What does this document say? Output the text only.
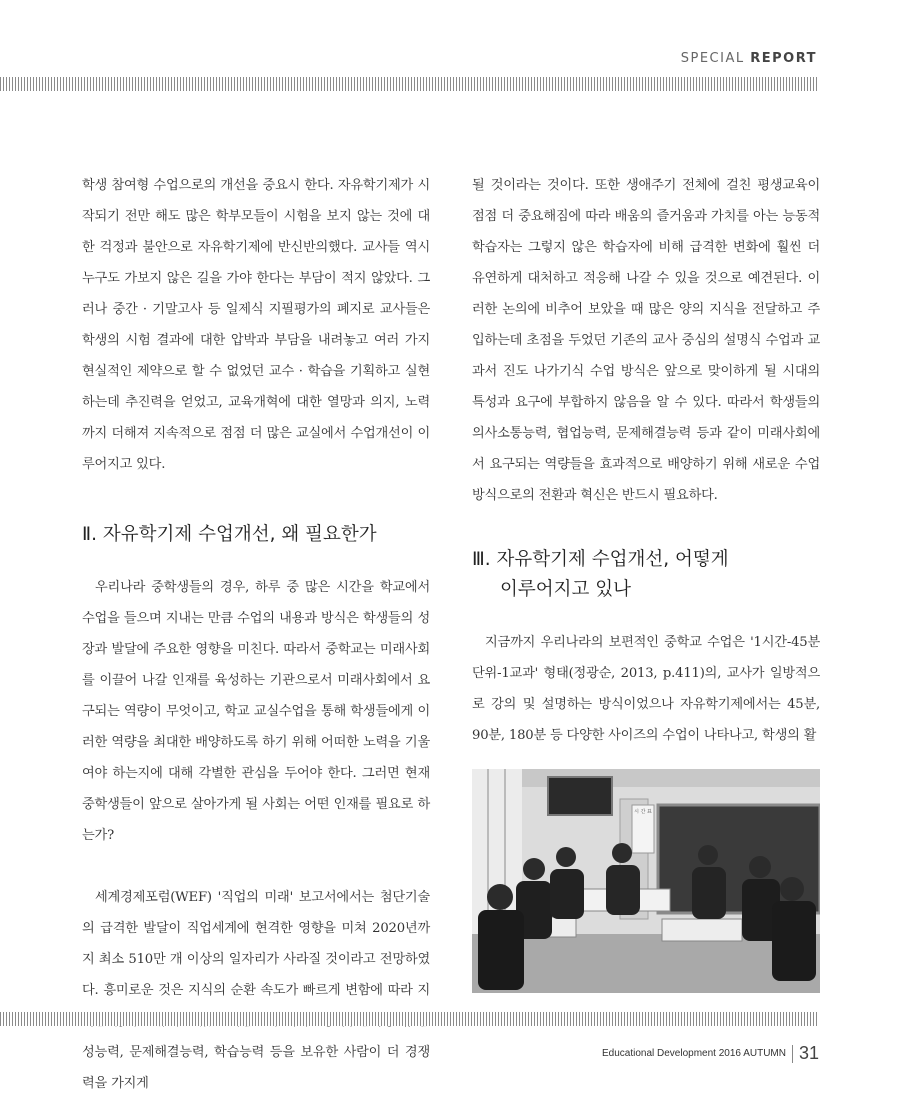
SPECIAL REPORT

학생 참여형 수업으로의 개선을 중요시 한다. 자유학기제가 시작되기 전만 해도 많은 학부모들이 시험을 보지 않는 것에 대한 걱정과 불안으로 자유학기제에 반신반의했다. 교사들 역시 누구도 가보지 않은 길을 가야 한다는 부담이 적지 않았다. 그러나 중간 · 기말고사 등 일제식 지필평가의 폐지로 교사들은 학생의 시험 결과에 대한 압박과 부담을 내려놓고 여러 가지 현실적인 제약으로 할 수 없었던 교수 · 학습을 기획하고 실현하는데 추진력을 얻었고, 교육개혁에 대한 열망과 의지, 노력까지 더해져 지속적으로 점점 더 많은 교실에서 수업개선이 이루어지고 있다.

Ⅱ. 자유학기제 수업개선, 왜 필요한가

우리나라 중학생들의 경우, 하루 중 많은 시간을 학교에서 수업을 들으며 지내는 만큼 수업의 내용과 방식은 학생들의 성장과 발달에 주요한 영향을 미친다. 따라서 중학교는 미래사회를 이끌어 나갈 인재를 육성하는 기관으로서 미래사회에서 요구되는 역량이 무엇이고, 학교 교실수업을 통해 학생들에게 이러한 역량을 최대한 배양하도록 하기 위해 어떠한 노력을 기울여야 하는지에 대해 각별한 관심을 두어야 한다. 그러면 현재 중학생들이 앞으로 살아가게 될 사회는 어떤 인재를 필요로 하는가?

세계경제포럼(WEF) '직업의 미래' 보고서에서는 첨단기술의 급격한 발달이 직업세계에 현격한 영향을 미쳐 2020년까지 최소 510만 개 이상의 일자리가 사라질 것이라고 전망하였다. 흥미로운 것은 지식의 순환 속도가 빠르게 변함에 따라 지 성능력, 문제해결능력, 학습능력 등을 보유한 사람이 더 경쟁력을 가지게

될 것이라는 것이다. 또한 생애주기 전체에 걸친 평생교육이 점점 더 중요해짐에 따라 배움의 즐거움과 가치를 아는 능동적 학습자는 그렇지 않은 학습자에 비해 급격한 변화에 훨씬 더 유연하게 대처하고 적응해 나갈 수 있을 것으로 예견된다. 이러한 논의에 비추어 보았을 때 많은 양의 지식을 전달하고 주입하는데 초점을 두었던 기존의 교사 중심의 설명식 수업과 교과서 진도 나가기식 수업 방식은 앞으로 맞이하게 될 시대의 특성과 요구에 부합하지 않음을 알 수 있다. 따라서 학생들의 의사소통능력, 협업능력, 문제해결능력 등과 같이 미래사회에서 요구되는 역량들을 효과적으로 배양하기 위해 새로운 수업방식으로의 전환과 혁신은 반드시 필요하다.

Ⅲ. 자유학기제 수업개선, 어떻게
이루어지고 있나

지금까지 우리나라의 보편적인 중학교 수업은 '1시간-45분 단위-1교과' 형태(정광순, 2013, p.411)의, 교사가 일방적으로 강의 및 설명하는 방식이었으나 자유학기제에서는 45분, 90분, 180분 등 다양한 사이즈의 수업이 나타나고, 학생의 활

시 간 표
Educational Development 2016 AUTUMN 31
